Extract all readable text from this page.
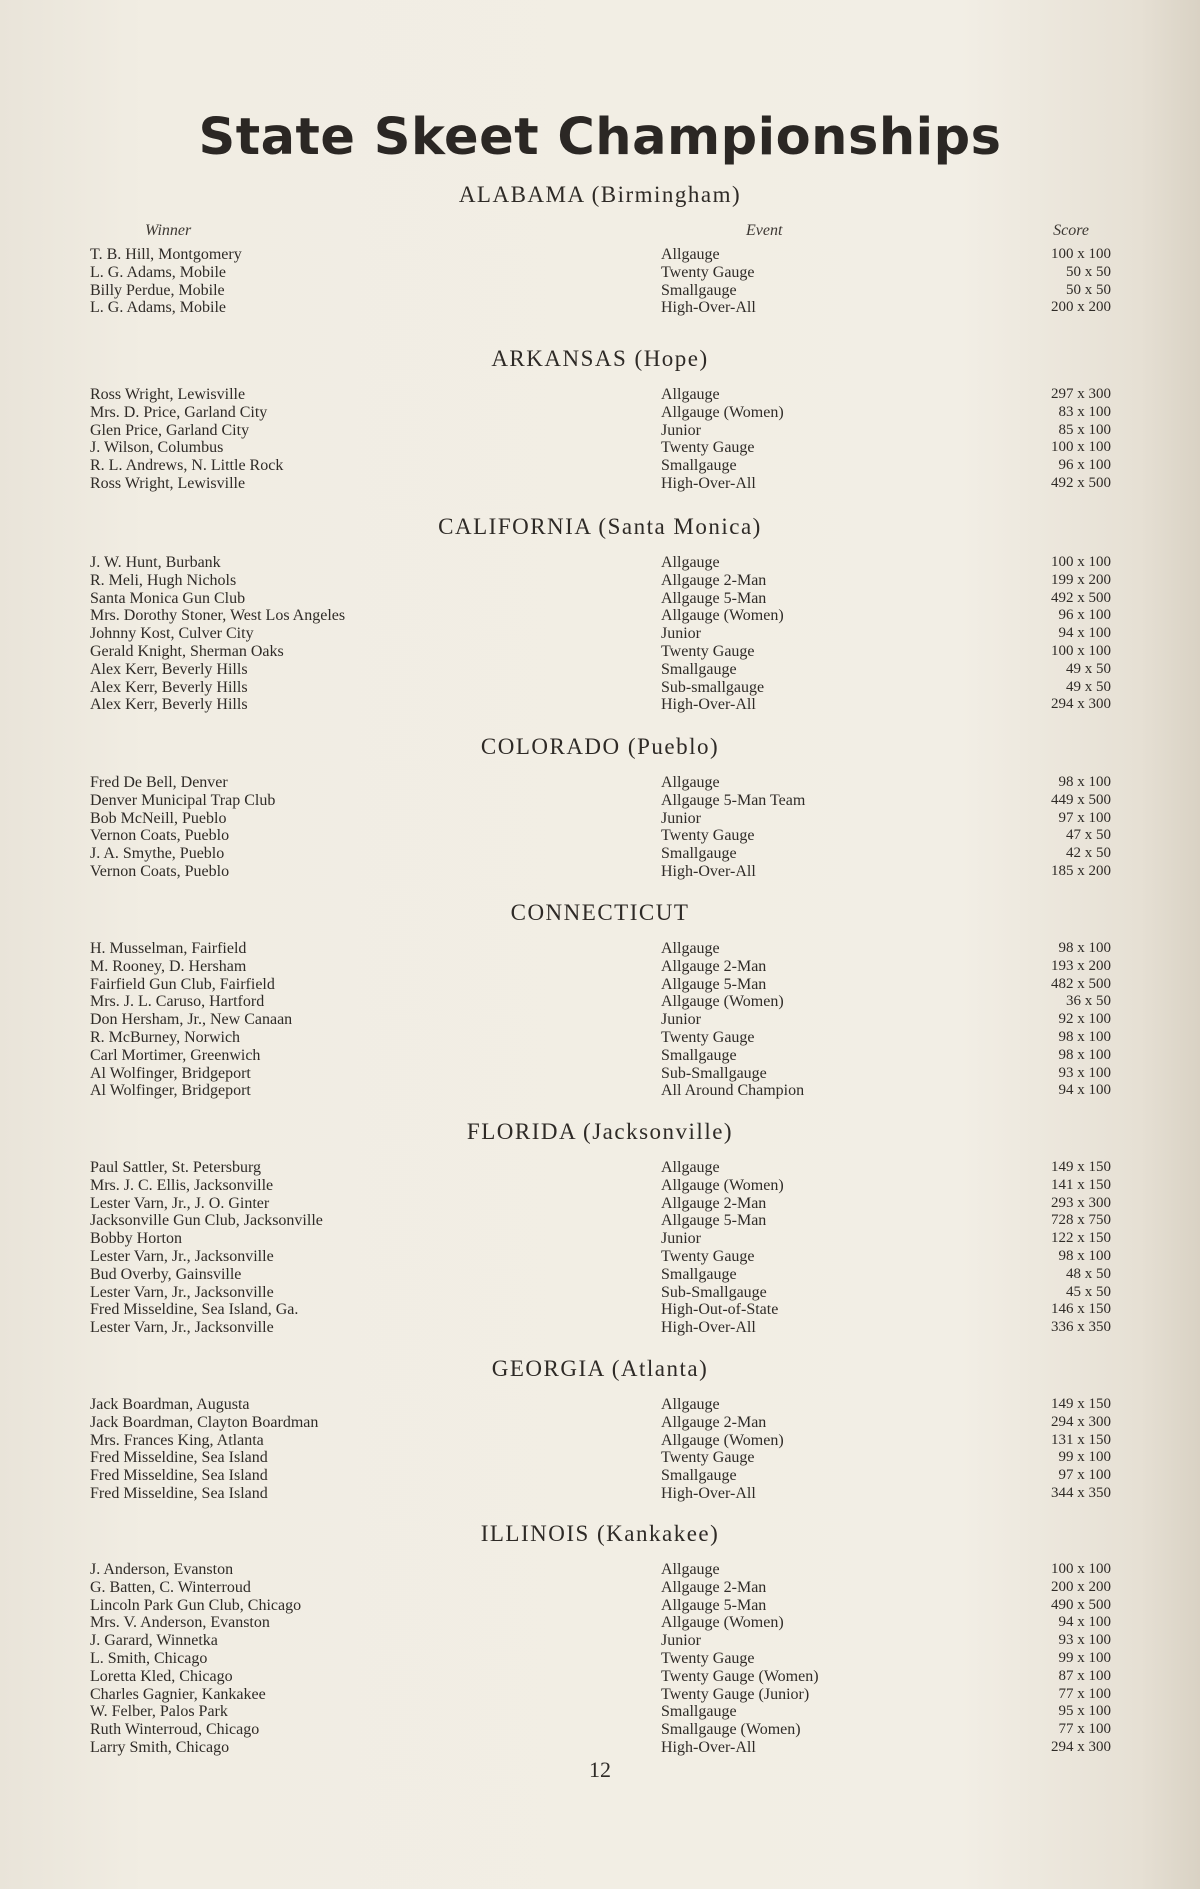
State Skeet Championships
ALABAMA (Birmingham)
Winner	Event	Score
T. B. Hill, Montgomery	Allgauge	100 x 100
L. G. Adams, Mobile	Twenty Gauge	50 x 50
Billy Perdue, Mobile	Smallgauge	50 x 50
L. G. Adams, Mobile	High-Over-All	200 x 200
ARKANSAS (Hope)
Ross Wright, Lewisville	Allgauge	297 x 300
Mrs. D. Price, Garland City	Allgauge (Women)	83 x 100
Glen Price, Garland City	Junior	85 x 100
J. Wilson, Columbus	Twenty Gauge	100 x 100
R. L. Andrews, N. Little Rock	Smallgauge	96 x 100
Ross Wright, Lewisville	High-Over-All	492 x 500
CALIFORNIA (Santa Monica)
J. W. Hunt, Burbank	Allgauge	100 x 100
R. Meli, Hugh Nichols	Allgauge 2-Man	199 x 200
Santa Monica Gun Club	Allgauge 5-Man	492 x 500
Mrs. Dorothy Stoner, West Los Angeles	Allgauge (Women)	96 x 100
Johnny Kost, Culver City	Junior	94 x 100
Gerald Knight, Sherman Oaks	Twenty Gauge	100 x 100
Alex Kerr, Beverly Hills	Smallgauge	49 x 50
Alex Kerr, Beverly Hills	Sub-smallgauge	49 x 50
Alex Kerr, Beverly Hills	High-Over-All	294 x 300
COLORADO (Pueblo)
Fred De Bell, Denver	Allgauge	98 x 100
Denver Municipal Trap Club	Allgauge 5-Man Team	449 x 500
Bob McNeill, Pueblo	Junior	97 x 100
Vernon Coats, Pueblo	Twenty Gauge	47 x 50
J. A. Smythe, Pueblo	Smallgauge	42 x 50
Vernon Coats, Pueblo	High-Over-All	185 x 200
CONNECTICUT
H. Musselman, Fairfield	Allgauge	98 x 100
M. Rooney, D. Hersham	Allgauge 2-Man	193 x 200
Fairfield Gun Club, Fairfield	Allgauge 5-Man	482 x 500
Mrs. J. L. Caruso, Hartford	Allgauge (Women)	36 x 50
Don Hersham, Jr., New Canaan	Junior	92 x 100
R. McBurney, Norwich	Twenty Gauge	98 x 100
Carl Mortimer, Greenwich	Smallgauge	98 x 100
Al Wolfinger, Bridgeport	Sub-Smallgauge	93 x 100
Al Wolfinger, Bridgeport	All Around Champion	94 x 100
FLORIDA (Jacksonville)
Paul Sattler, St. Petersburg	Allgauge	149 x 150
Mrs. J. C. Ellis, Jacksonville	Allgauge (Women)	141 x 150
Lester Varn, Jr., J. O. Ginter	Allgauge 2-Man	293 x 300
Jacksonville Gun Club, Jacksonville	Allgauge 5-Man	728 x 750
Bobby Horton	Junior	122 x 150
Lester Varn, Jr., Jacksonville	Twenty Gauge	98 x 100
Bud Overby, Gainsville	Smallgauge	48 x 50
Lester Varn, Jr., Jacksonville	Sub-Smallgauge	45 x 50
Fred Misseldine, Sea Island, Ga.	High-Out-of-State	146 x 150
Lester Varn, Jr., Jacksonville	High-Over-All	336 x 350
GEORGIA (Atlanta)
Jack Boardman, Augusta	Allgauge	149 x 150
Jack Boardman, Clayton Boardman	Allgauge 2-Man	294 x 300
Mrs. Frances King, Atlanta	Allgauge (Women)	131 x 150
Fred Misseldine, Sea Island	Twenty Gauge	99 x 100
Fred Misseldine, Sea Island	Smallgauge	97 x 100
Fred Misseldine, Sea Island	High-Over-All	344 x 350
ILLINOIS (Kankakee)
J. Anderson, Evanston	Allgauge	100 x 100
G. Batten, C. Winterroud	Allgauge 2-Man	200 x 200
Lincoln Park Gun Club, Chicago	Allgauge 5-Man	490 x 500
Mrs. V. Anderson, Evanston	Allgauge (Women)	94 x 100
J. Garard, Winnetka	Junior	93 x 100
L. Smith, Chicago	Twenty Gauge	99 x 100
Loretta Kled, Chicago	Twenty Gauge (Women)	87 x 100
Charles Gagnier, Kankakee	Twenty Gauge (Junior)	77 x 100
W. Felber, Palos Park	Smallgauge	95 x 100
Ruth Winterroud, Chicago	Smallgauge (Women)	77 x 100
Larry Smith, Chicago	High-Over-All	294 x 300
12
